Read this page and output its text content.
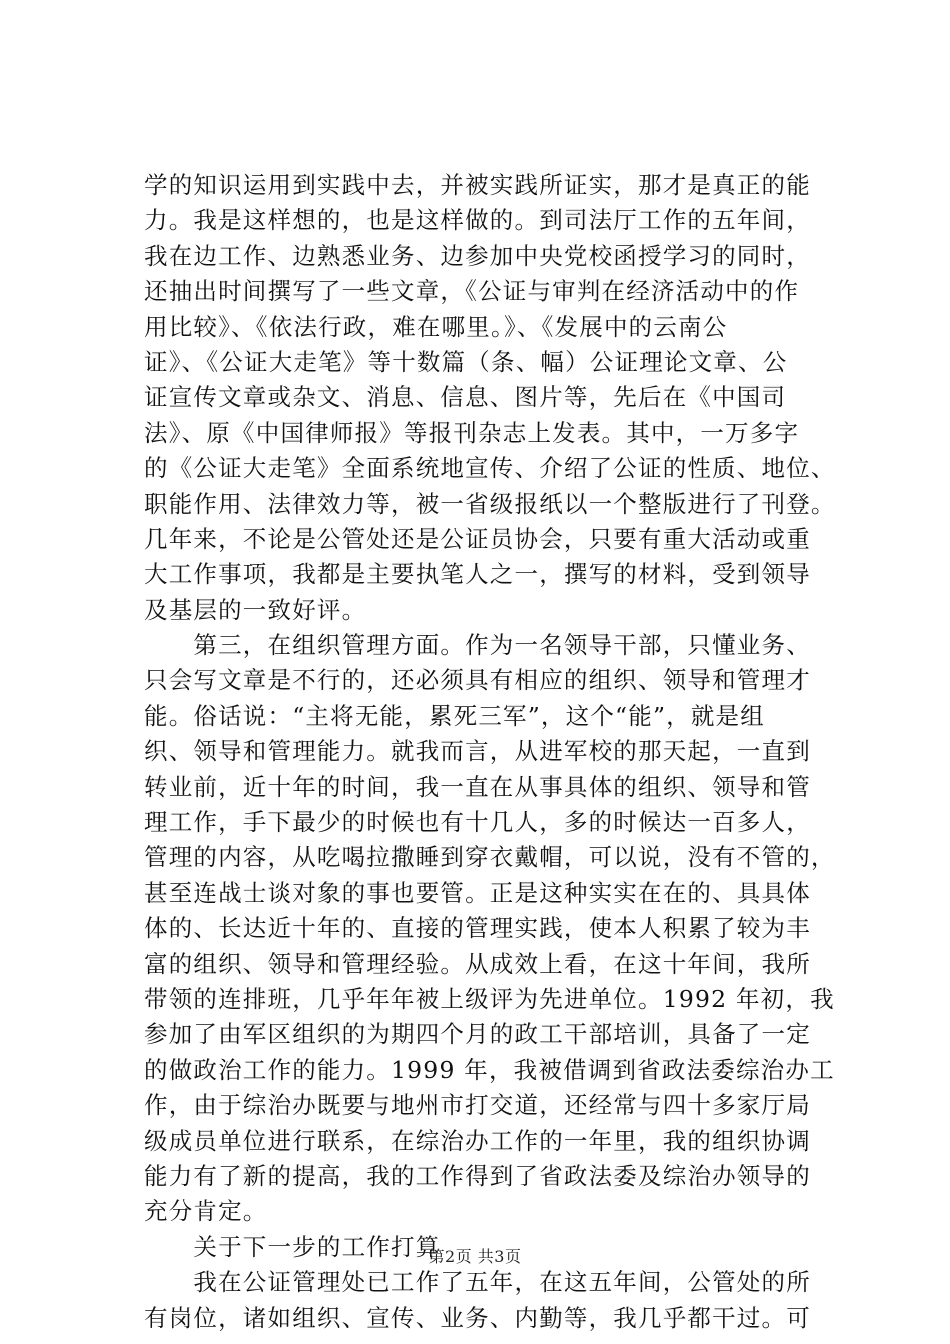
学的知识运用到实践中去，并被实践所证实，那才是真正的能
力。我是这样想的，也是这样做的。到司法厅工作的五年间，
我在边工作、边熟悉业务、边参加中央党校函授学习的同时，
还抽出时间撰写了一些文章，《公证与审判在经济活动中的作
用比较》、《依法行政，难在哪里。》、《发展中的云南公
证》、《公证大走笔》等十数篇（条、幅）公证理论文章、公
证宣传文章或杂文、消息、信息、图片等，先后在《中国司
法》、原《中国律师报》等报刊杂志上发表。其中，一万多字
的《公证大走笔》全面系统地宣传、介绍了公证的性质、地位、
职能作用、法律效力等，被一省级报纸以一个整版进行了刊登。
几年来，不论是公管处还是公证员协会，只要有重大活动或重
大工作事项，我都是主要执笔人之一，撰写的材料，受到领导
及基层的一致好评。
　　第三，在组织管理方面。作为一名领导干部，只懂业务、
只会写文章是不行的，还必须具有相应的组织、领导和管理才
能。俗话说：“主将无能，累死三军”，这个“能”，就是组
织、领导和管理能力。就我而言，从进军校的那天起，一直到
转业前，近十年的时间，我一直在从事具体的组织、领导和管
理工作，手下最少的时候也有十几人，多的时候达一百多人，
管理的内容，从吃喝拉撒睡到穿衣戴帽，可以说，没有不管的，
甚至连战士谈对象的事也要管。正是这种实实在在的、具具体
体的、长达近十年的、直接的管理实践，使本人积累了较为丰
富的组织、领导和管理经验。从成效上看，在这十年间，我所
带领的连排班，几乎年年被上级评为先进单位。1992 年初，我
参加了由军区组织的为期四个月的政工干部培训，具备了一定
的做政治工作的能力。1999 年，我被借调到省政法委综治办工
作，由于综治办既要与地州市打交道，还经常与四十多家厅局
级成员单位进行联系，在综治办工作的一年里，我的组织协调
能力有了新的提高，我的工作得到了省政法委及综治办领导的
充分肯定。
　　关于下一步的工作打算
　　我在公证管理处已工作了五年，在这五年间，公管处的所
有岗位，诸如组织、宣传、业务、内勤等，我几乎都干过。可
第2页 共3页
